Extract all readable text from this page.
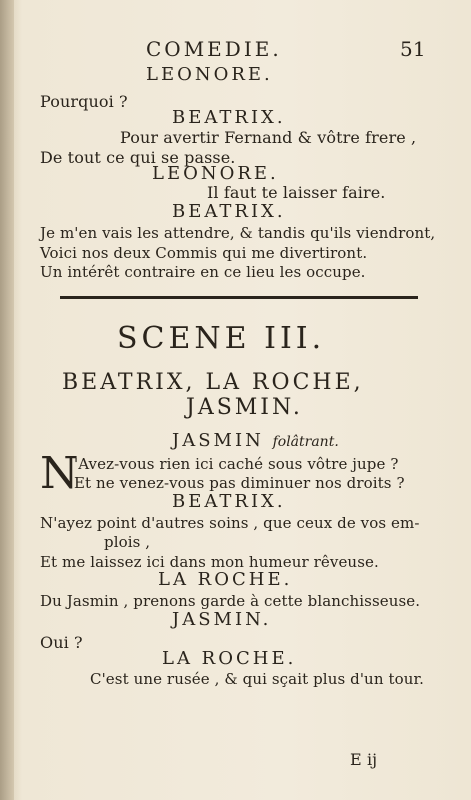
COMEDIE.	51
LEONORE.
Pourquoi ?
BEATRIX.
Pour avertir Fernand & vôtre frere ,
De tout ce qui se passe.
LEONORE.
Il faut te laisser faire.
BEATRIX.
Je m'en vais les attendre, & tandis qu'ils viendront,
Voici nos deux Commis qui me divertiront.
Un intérêt contraire en ce lieu les occupe.
SCENE III.
BEATRIX, LA ROCHE,
JASMIN.
JASMIN folâtrant.
N
'Avez-vous rien ici caché sous vôtre jupe ?
Et ne venez-vous pas diminuer nos droits ?
BEATRIX.
N'ayez point d'autres soins , que ceux de vos em-
plois ,
Et me laissez ici dans mon humeur rêveuse.
LA ROCHE.
Du Jasmin , prenons garde à cette blanchisseuse.
JASMIN.
Oui ?
LA ROCHE.
C'est une rusée , & qui sçait plus d'un tour.
E ij
